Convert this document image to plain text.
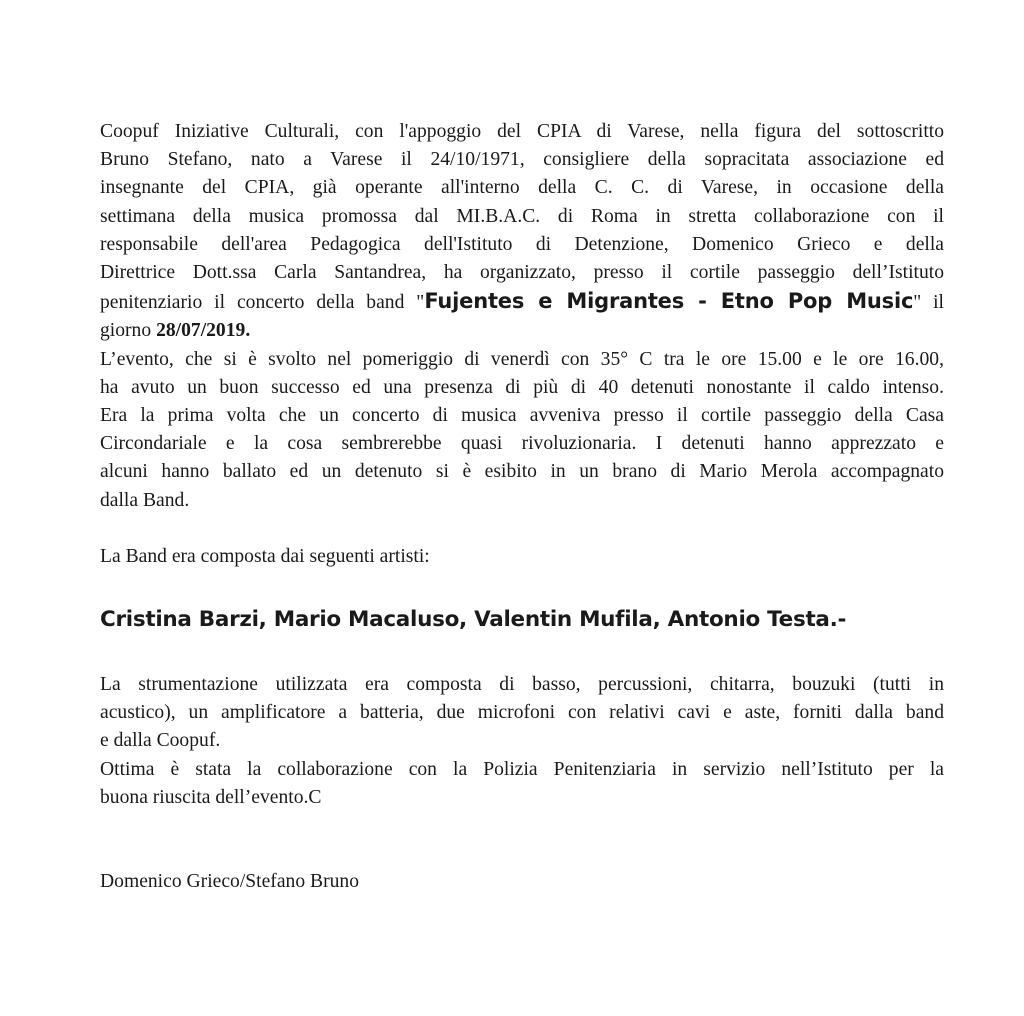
Coopuf Iniziative Culturali, con l'appoggio del CPIA di Varese, nella figura del sottoscritto
Bruno Stefano, nato a Varese il 24/10/1971, consigliere della sopracitata associazione ed
insegnante del CPIA, già operante all'interno della C. C. di Varese, in occasione della
settimana della musica promossa dal MI.B.A.C. di Roma in stretta collaborazione con il
responsabile dell'area Pedagogica dell'Istituto di Detenzione, Domenico Grieco e della
Direttrice Dott.ssa Carla Santandrea, ha organizzato, presso il cortile passeggio dell’Istituto
penitenziario il concerto della band "Fujentes e Migrantes - Etno Pop Music" il
giorno 28/07/2019.

L’evento, che si è svolto nel pomeriggio di venerdì con 35° C tra le ore 15.00 e le ore 16.00,
ha avuto un buon successo ed una presenza di più di 40 detenuti nonostante il caldo intenso.
Era la prima volta che un concerto di musica avveniva presso il cortile passeggio della Casa
Circondariale e la cosa sembrerebbe quasi rivoluzionaria. I detenuti hanno apprezzato e
alcuni hanno ballato ed un detenuto si è esibito in un brano di Mario Merola accompagnato
dalla Band.

La Band era composta dai seguenti artisti:

Cristina Barzi, Mario Macaluso, Valentin Mufila, Antonio Testa.-

La strumentazione utilizzata era composta di basso, percussioni, chitarra, bouzuki (tutti in
acustico), un amplificatore a batteria, due microfoni con relativi cavi e aste, forniti dalla band
e dalla Coopuf.

Ottima è stata la collaborazione con la Polizia Penitenziaria in servizio nell’Istituto per la
buona riuscita dell’evento.C

Domenico Grieco/Stefano Bruno
